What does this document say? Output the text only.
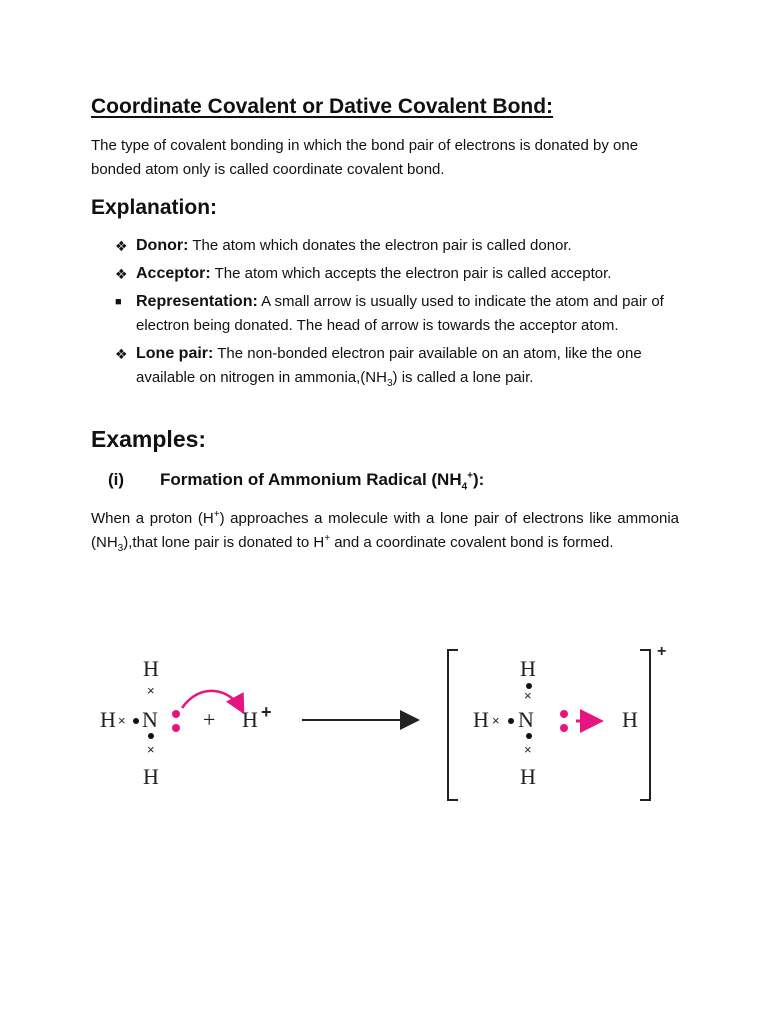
Coordinate Covalent or Dative Covalent Bond:

The type of covalent bonding in which the bond pair of electrons is donated by one bonded atom only is called coordinate covalent bond.

Explanation:
❖ Donor: The atom which donates the electron pair is called donor.
❖ Acceptor: The atom which accepts the electron pair is called acceptor.
■ Representation: A small arrow is usually used to indicate the atom and pair of electron being donated. The head of arrow is towards the acceptor atom.
❖ Lone pair: The non-bonded electron pair available on an atom, like the one available on nitrogen in $ammonia,(NH_3)$ is called a lone pair.
Examples:
(i) Formation of Ammonium Radical $(NH_4^+)$:

When a proton (H+) approaches a molecule with a lone pair of electrons like ammonia $(NH_3),that$ lone pair is donated to H+ and a coordinate covalent bond is formed.

H
×
H × N
×
H
+ H +
+
H
×
H × N
×
H
H
